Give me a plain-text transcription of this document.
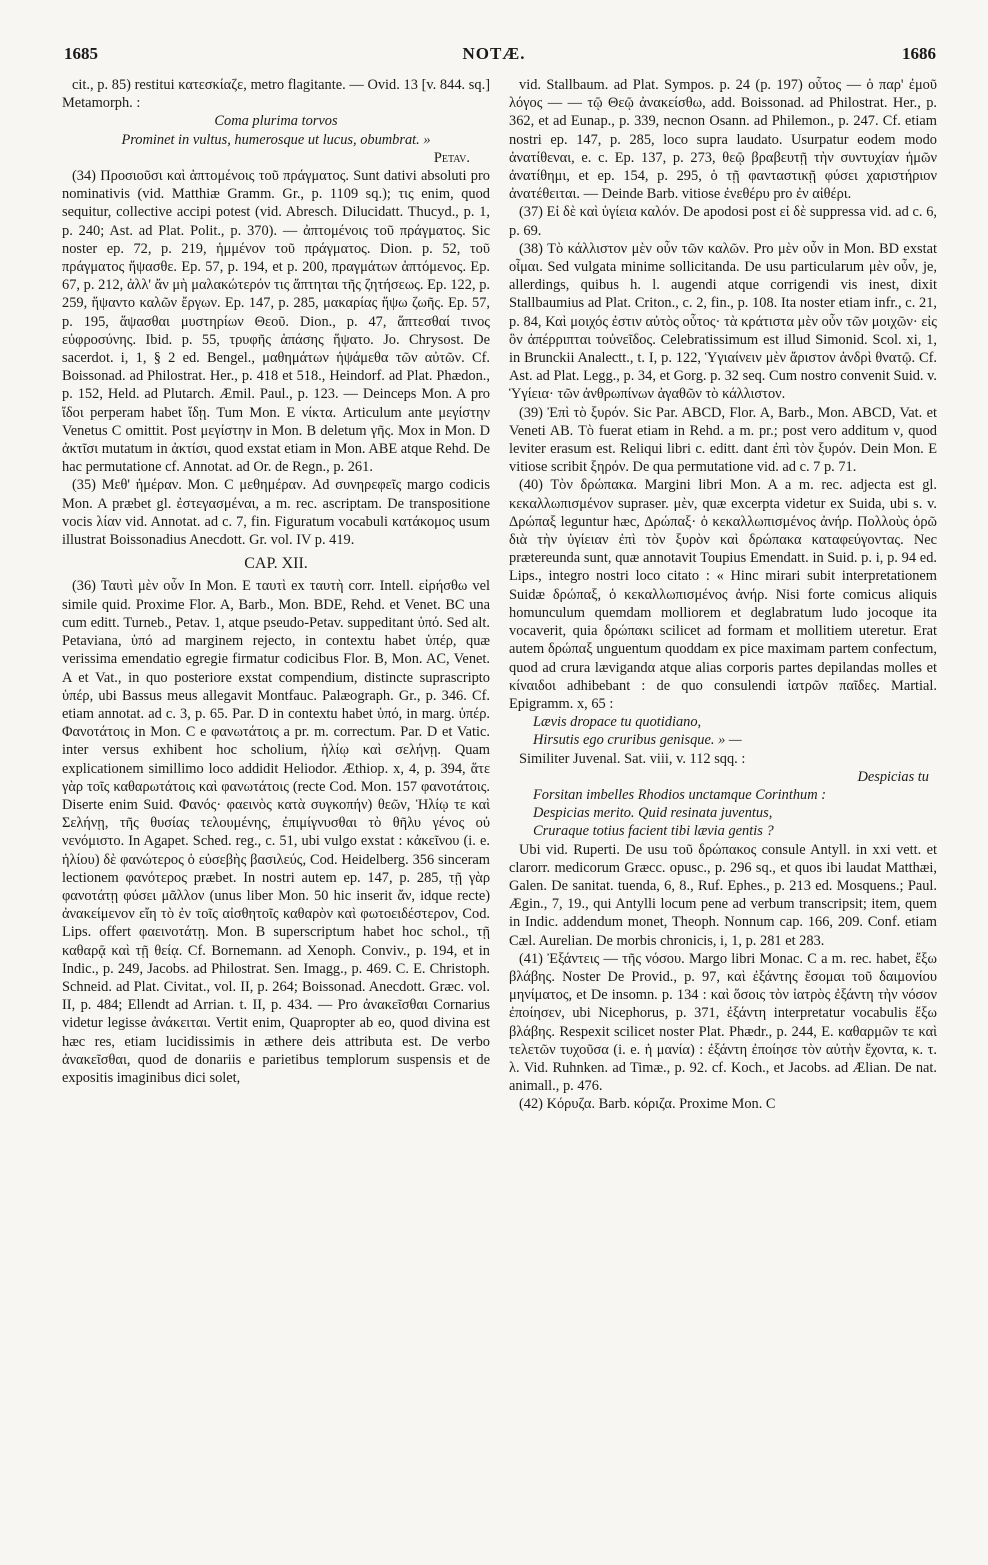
1685	NOTÆ.	1686

cit., p. 85) restitui κατεσκίαζε, metro flagitante. — Ovid. 13 [v. 844. sq.] Metamorph. :

Coma plurima torvos

Prominet in vultus, humerosque ut lucus, obumbrat. »

Petav.

(34) Προσιοῦσι καὶ ἁπτομένοις τοῦ πράγματος. Sunt dativi absoluti pro nominativis (vid. Matthiæ Gramm. Gr., p. 1109 sq.); τις enim, quod sequitur, collective accipi potest (vid. Abresch. Dilucidatt. Thucyd., p. 1, p. 240; Ast. ad Plat. Polit., p. 370). — ἀπτομένοις τοῦ πράγματος. Sic noster ep. 72, p. 219, ἡμμένον τοῦ πράγματος. Dion. p. 52, τοῦ πράγματος ἥψασθε. Ep. 57, p. 194, et p. 200, πραγμάτων ἁπτόμενος. Ep. 67, p. 212, ἀλλ' ἄν μὴ μαλακώτερόν τις ἅπτηται τῆς ζητήσεως. Ep. 122, p. 259, ἥψαντο καλῶν ἔργων. Ep. 147, p. 285, μακαρίας ἥψω ζωῆς. Ep. 57, p. 195, ἅψασθαι μυστηρίων Θεοῦ. Dion., p. 47, ἅπτεσθαί τινος εὐφροσύνης. Ibid. p. 55, τρυφῆς ἁπάσης ἥψατο. Jo. Chrysost. De sacerdot. i, 1, § 2 ed. Bengel., μαθημάτων ἡψάμεθα τῶν αὐτῶν. Cf. Boissonad. ad Philostrat. Her., p. 418 et 518., Heindorf. ad Plat. Phædon., p. 152, Held. ad Plutarch. Æmil. Paul., p. 123. — Deinceps Mon. A pro ἴδοι perperam habet ἴδῃ. Tum Mon. E νίκτα. Articulum ante μεγίστην Venetus C omittit. Post μεγίστην in Mon. B deletum γῆς. Mox in Mon. D ἀκτῖσι mutatum in ἀκτίσι, quod exstat etiam in Mon. ABE atque Rehd. De hac permutatione cf. Annotat. ad Or. de Regn., p. 261.

(35) Μεθ' ἡμέραν. Mon. C μεθημέραν. Ad συνηρεφεῖς margo codicis Mon. A præbet gl. ἐστεγασμέναι, a m. rec. ascriptam. De transpositione vocis λίαν vid. Annotat. ad c. 7, fin. Figuratum vocabuli κατάκομος usum illustrat Boissonadius Anecdott. Gr. vol. IV p. 419.

CAP. XII.

(36) Ταυτὶ μὲν οὖν In Mon. E ταυτὶ ex ταυτὴ corr. Intell. εἰρήσθω vel simile quid. Proxime Flor. A, Barb., Mon. BDE, Rehd. et Venet. BC una cum editt. Turneb., Petav. 1, atque pseudo-Petav. suppeditant ὑπό. Sed alt. Petaviana, ὑπό ad marginem rejecto, in contextu habet ὑπέρ, quæ verissima emendatio egregie firmatur codicibus Flor. B, Mon. AC, Venet. A et Vat., in quo posteriore exstat compendium, distincte suprascripto ὑπέρ, ubi Bassus meus allegavit Montfauc. Palæograph. Gr., p. 346. Cf. etiam annotat. ad c. 3, p. 65. Par. D in contextu habet ὑπό, in marg. ὑπέρ. Φανοτάτοις in Mon. C e φανωτάτοις a pr. m. correctum. Par. D et Vatic. inter versus exhibent hoc scholium, ἡλίῳ καὶ σελήνῃ. Quam explicationem simillimo loco addidit Heliodor. Æthiop. x, 4, p. 394, ἅτε γὰρ τοῖς καθαρωτάτοις καὶ φανωτάτοις (recte Cod. Mon. 157 φανοτάτοις. Diserte enim Suid. Φανός· φαεινὸς κατὰ συγκοπήν) θεῶν, Ἡλίῳ τε καὶ Σελήνῃ, τῆς θυσίας τελουμένης, ἐπιμίγνυσθαι τὸ θῆλυ γένος οὐ νενόμιστο. In Agapet. Sched. reg., c. 51, ubi vulgo exstat : κἀκεῖνου (i. e. ἡλίου) δὲ φανώτερος ὁ εὐσεβὴς βασιλεύς, Cod. Heidelberg. 356 sinceram lectionem φανότερος præbet. In nostri autem ep. 147, p. 285, τῇ γὰρ φανοτάτῃ φύσει μᾶλλον (unus liber Mon. 50 hic inserit ἄν, idque recte) ἀνακείμενον εἴη τὸ ἐν τοῖς αἰσθητοῖς καθαρὸν καὶ φωτοειδέστερον, Cod. Lips. offert φαεινοτάτῃ. Mon. B superscriptum habet hoc schol., τῇ καθαρᾷ καὶ τῇ θείᾳ. Cf. Bornemann. ad Xenoph. Conviv., p. 194, et in Indic., p. 249, Jacobs. ad Philostrat. Sen. Imagg., p. 469. C. E. Christoph. Schneid. ad Plat. Civitat., vol. II, p. 264; Boissonad. Anecdott. Græc. vol. II, p. 484; Ellendt ad Arrian. t. II, p. 434. — Pro ἀνακεῖσθαι Cornarius videtur legisse ἀνάκειται. Vertit enim, Quapropter ab eo, quod divina est hæc res, etiam lucidissimis in æthere deis attributa est. De verbo ἀνακεῖσθαι, quod de donariis e parietibus templorum suspensis et de expositis imaginibus dici solet,

vid. Stallbaum. ad Plat. Sympos. p. 24 (p. 197) οὗτος — ὁ παρ' ἐμοῦ λόγος — — τῷ Θεῷ ἀνακείσθω, add. Boissonad. ad Philostrat. Her., p. 362, et ad Eunap., p. 339, necnon Osann. ad Philemon., p. 247. Cf. etiam nostri ep. 147, p. 285, loco supra laudato. Usurpatur eodem modo ἀνατίθεναι, e. c. Ep. 137, p. 273, θεῷ βραβευτῇ τὴν συντυχίαν ἡμῶν ἀνατίθημι, et ep. 154, p. 295, ὁ τῇ φανταστικῇ φύσει χαριστήριον ἀνατέθειται. — Deinde Barb. vitiose ἐνεθέρυ pro ἐν αἰθέρι.

(37) Εἰ δὲ καὶ ὑγίεια καλόν. De apodosi post εἰ δὲ suppressa vid. ad c. 6, p. 69.

(38) Τὸ κάλλιστον μὲν οὖν τῶν καλῶν. Pro μὲν οὖν in Mon. BD exstat οἶμαι. Sed vulgata minime sollicitanda. De usu particularum μὲν οὖν, je, allerdings, quibus h. l. augendi atque corrigendi vis inest, dixit Stallbaumius ad Plat. Criton., c. 2, fin., p. 108. Ita noster etiam infr., c. 21, p. 84, Καὶ μοιχός ἐστιν αὐτὸς οὗτος· τὰ κράτιστα μὲν οὖν τῶν μοιχῶν· εἰς ὃν ἀπέρριπται τοὐνεῖδος. Celebratissimum est illud Simonid. Scol. xi, 1, in Brunckii Analectt., t. I, p. 122, Ὑγιαίνειν μὲν ἄριστον ἀνδρὶ θνατῷ. Cf. Ast. ad Plat. Legg., p. 34, et Gorg. p. 32 seq. Cum nostro convenit Suid. v. Ὑγίεια· τῶν ἀνθρωπίνων ἀγαθῶν τὸ κάλλιστον.

(39) Ἐπὶ τὸ ξυρόν. Sic Par. ABCD, Flor. A, Barb., Mon. ABCD, Vat. et Veneti AB. Τὸ fuerat etiam in Rehd. a m. pr.; post vero additum ν, quod leviter erasum est. Reliqui libri c. editt. dant ἐπὶ τὸν ξυρόν. Dein Mon. E vitiose scribit ξηρόν. De qua permutatione vid. ad c. 7 p. 71.

(40) Τὸν δρώπακα. Margini libri Mon. A a m. rec. adjecta est gl. κεκαλλωπισμένον supraser. μὲν, quæ excerpta videtur ex Suida, ubi s. v. Δρώπαξ leguntur hæc, Δρώπαξ· ὁ κεκαλλωπισμένος ἀνήρ. Πολλοὺς ὁρῶ διὰ τὴν ὑγίειαν ἐπὶ τὸν ξυρὸν καὶ δρώπακα καταφεύγοντας. Nec prætereunda sunt, quæ annotavit Toupius Emendatt. in Suid. p. i, p. 94 ed. Lips., integro nostri loco citato : « Hinc mirari subit interpretationem Suidæ δρώπαξ, ὁ κεκαλλωπισμένος ἀνήρ. Nisi forte comicus aliquis homunculum quemdam molliorem et deglabratum ludo jocoque ita vocaverit, quia δρώπακι scilicet ad formam et mollitiem uteretur. Erat autem δρώπαξ unguentum quoddam ex pice maximam partem confectum, quod ad crura lævigandα atque alias corporis partes depilandas molles et κίναιδοι adhibebant : de quo consulendi ἰατρῶν παῖδες. Martial. Epigramm. x, 65 :

Lævis dropace tu quotidiano,

Hirsutis ego cruribus genisque. » —

Similiter Juvenal. Sat. viii, v. 112 sqq. :

Despicias tu

Forsitan imbelles Rhodios unctamque Corinthum :

Despicias merito. Quid resinata juventus,

Cruraque totius facient tibi lævia gentis ?

Ubi vid. Ruperti. De usu τοῦ δρώπακος consule Antyll. in xxi vett. et clarorr. medicorum Græcc. opusc., p. 296 sq., et quos ibi laudat Matthæi, Galen. De sanitat. tuenda, 6, 8., Ruf. Ephes., p. 213 ed. Mosquens.; Paul. Ægin., 7, 19., qui Antylli locum pene ad verbum transcripsit; item, quem in Indic. addendum monet, Theoph. Nonnum cap. 166, 209. Conf. etiam Cæl. Aurelian. De morbis chronicis, i, 1, p. 281 et 283.

(41) Ἐξάντεις — τῆς νόσου. Margo libri Monac. C a m. rec. habet, ἔξω βλάβης. Noster De Provid., p. 97, καὶ ἐξάντης ἔσομαι τοῦ δαιμονίου μηνίματος, et De insomn. p. 134 : καὶ ὅσοις τὸν ἰατρὸς ἐξάντη τὴν νόσον ἐποίησεν, ubi Nicephorus, p. 371, ἐξάντη interpretatur vocabulis ἔξω βλάβης. Respexit scilicet noster Plat. Phædr., p. 244, E. καθαρμῶν τε καὶ τελετῶν τυχοῦσα (i. e. ἡ μανία) : ἐξάντη ἐποίησε τὸν αὐτὴν ἔχοντα, κ. τ. λ. Vid. Ruhnken. ad Timæ., p. 92. cf. Koch., et Jacobs. ad Ælian. De nat. animall., p. 476.

(42) Κόρυζα. Barb. κόριζα. Proxime Mon. C
